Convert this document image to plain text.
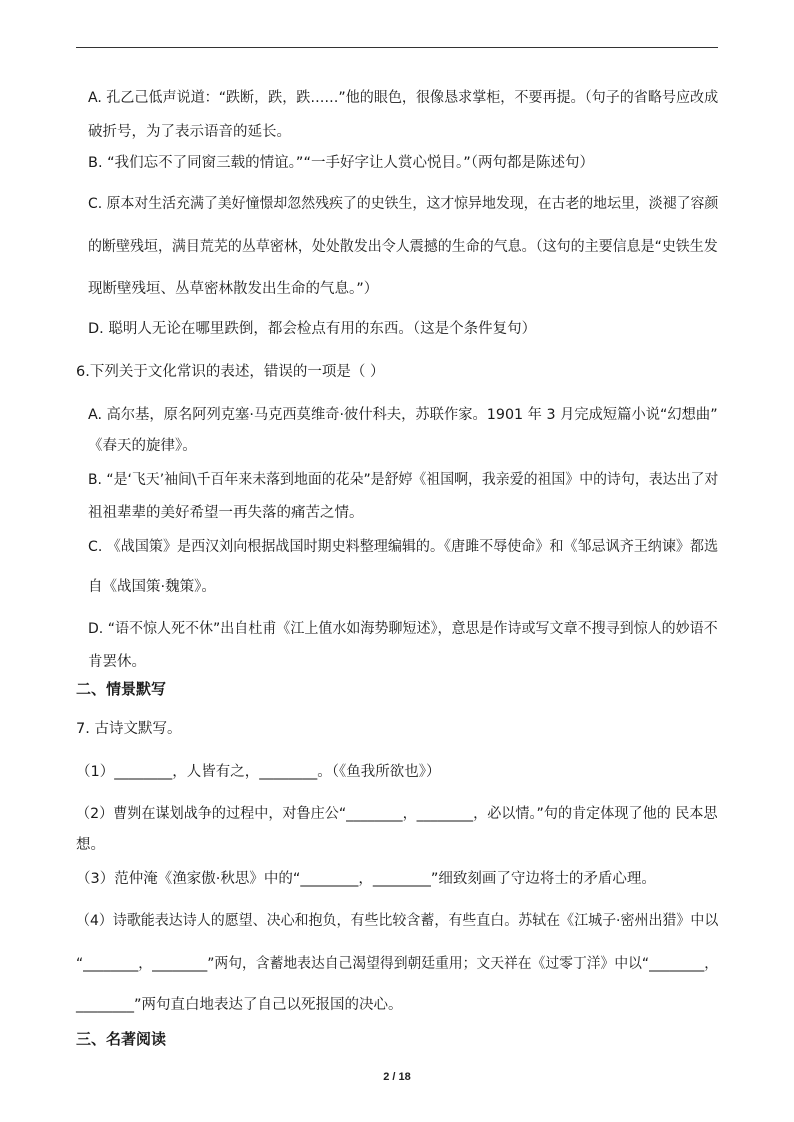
A. 孔乙己低声说道：“跌断，跌，跌……”他的眼色，很像恳求掌柜，不要再提。（句子的省略号应改成
破折号，为了表示语音的延长。
B. “我们忘不了同窗三载的情谊。”“一手好字让人赏心悦目。”（两句都是陈述句）
C. 原本对生活充满了美好憧憬却忽然残疾了的史铁生，这才惊异地发现，在古老的地坛里，淡褪了容颜
的断壁残垣，满目荒芜的丛草密林，处处散发出令人震撼的生命的气息。（这句的主要信息是“史铁生发
现断壁残垣、丛草密林散发出生命的气息。”）
D. 聪明人无论在哪里跌倒，都会检点有用的东西。（这是个条件复句）
6.下列关于文化常识的表述，错误的一项是（ ）
A. 高尔基，原名阿列克塞·马克西莫维奇·彼什科夫，苏联作家。1901 年 3 月完成短篇小说“幻想曲”
《春天的旋律》。
B. “是‘飞天’袖间\千百年来未落到地面的花朵”是舒婷《祖国啊，我亲爱的祖国》中的诗句，表达出了对
祖祖辈辈的美好希望一再失落的痛苦之情。
C. 《战国策》是西汉刘向根据战国时期史料整理编辑的。《唐雎不辱使命》和《邹忌讽齐王纳谏》都选
自《战国策·魏策》。
D. “语不惊人死不休”出自杜甫《江上值水如海势聊短述》，意思是作诗或写文章不搜寻到惊人的妙语不
肯罢休。
二、情景默写
7. 古诗文默写。
（1）________，人皆有之，________。（《鱼我所欲也》）
（2）曹刿在谋划战争的过程中，对鲁庄公“________，________，必以情。”句的肯定体现了他的 民本思
想。
（3）范仲淹《渔家傲·秋思》中的“________，________”细致刻画了守边将士的矛盾心理。
（4）诗歌能表达诗人的愿望、决心和抱负，有些比较含蓄，有些直白。苏轼在《江城子·密州出猎》中以
“________，________”两句，含蓄地表达自己渴望得到朝廷重用；文天祥在《过零丁洋》中以“________，
________”两句直白地表达了自己以死报国的决心。
三、名著阅读
2 / 18
